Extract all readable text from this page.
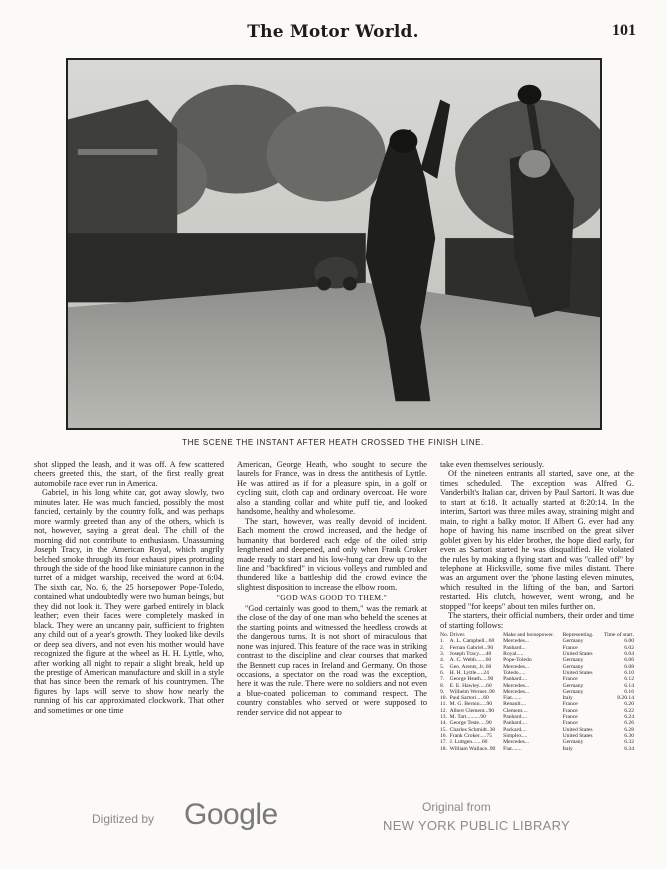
The Motor World.	101
THE SCENE THE INSTANT AFTER HEATH CROSSED THE FINISH LINE.

shot slipped the leash, and it was off. A few scattered cheers greeted this, the start, of the first really great automobile race ever run in America.

Gabriel, in his long white car, got away slowly, two minutes later. He was much fancied, possibly the most fancied, certainly by the country folk, and was perhaps more warmly greeted than any of the others, which is not, however, saying a great deal. The chill of the morning did not contribute to enthusiasm. Unassuming Joseph Tracy, in the American Royal, which angrily belched smoke through its four exhaust pipes protruding through the side of the hood like miniature cannon in the turret of a midget warship, received the word at 6:04. The sixth car, No. 6, the 25 horsepower Pope-Toledo, contained what undoubtedly were two human beings, but they did not look it. They were garbed entirely in black leather; even their faces were completely masked in black. They were an uncanny pair, sufficient to frighten any child out of a year's growth. They looked like devils or deep sea divers, and not even his mother would have recognized the figure at the wheel as H. H. Lyttle, who, after working all night to repair a slight break, held up the prestige of American manufacture and skill in a style that has since been the remark of his countrymen. The figures by laps will serve to show how nearly the running of his car approximated clockwork. That other and sometimes or one time

American, George Heath, who sought to secure the laurels for France, was in dress the antithesis of Lyttle. He was attired as if for a pleasure spin, in a golf or cycling suit, cloth cap and ordinary overcoat. He wore also a standing collar and white puff tie, and looked handsome, healthy and wholesome.

The start, however, was really devoid of incident. Each moment the crowd increased, and the hedge of humanity that bordered each edge of the oiled strip lengthened and deepened, and only when Frank Croker made ready to start and his low-hung car drew up to the line and "backfired" in vicious volleys and rumbled and thundered like a battleship did the crowd evince the slightest disposition to increase the elbow room.

"GOD WAS GOOD TO THEM."

"God certainly was good to them," was the remark at the close of the day of one man who beheld the scenes at the starting points and witnessed the heedless crowds at the dangerous turns. It is not short of miraculous that none was injured. This feature of the race was in striking contrast to the discipline and clear courses that marked the Bennett cup races in Ireland and Germany. On those occasions, a spectator on the road was the exception, here it was the rule. There were no soldiers and not even a blue-coated policeman to command respect. The country constables who served or were supposed to render service did not appear to

take even themselves seriously.

Of the nineteen entrants all started, save one, at the times scheduled. The exception was Alfred G. Vanderbilt's Italian car, driven by Paul Sartori. It was due to start at 6:18. It actually started at 8:20:14. In the interim, Sartori was three miles away, straining might and main, to right a balky motor. If Albert G. ever had any hope of having his name inscribed on the great silver goblet given by his elder brother, the hope died early, for even as Sartori started he was disqualified. He violated the rules by making a flying start and was "called off" by telephone at Hicksville, some five miles distant. There was an argument over the 'phone lasting eleven minutes, which resulted in the lifting of the ban, and Sartori restarted. His clutch, however, went wrong, and he stopped "for keeps" about ten miles further on.

The starters, their official numbers, their order and time of starting follows:

No.	Driver.	Make and horsepower.	Representing.	Time of start.
1.	A. L. Campbell...60	Mercedes...	Germany	6.00
2.	Fernan Gabriel...90	Panhard...	France	6.02
3.	Joseph Tracy.....40	Royal.....	United States	6.04
4.	A. C. Webb.......60	Pope-Toledo	Germany	6.06
5.	Geo. Arents, Jr..60	Mercedes...	Germany	6.08
6.	H. H. Lyttle.....24	Toledo.....	United States	6.10
7.	George Heath.....90	Panhard....	France	6.12
8.	E. E. Hawley.....60	Mercedes...	Germany	6.14
9.	Wilhelm Werner..90	Mercedes...	Germany	6.16
10.	Paul Sartori.....60	Fiat.......	Italy	8.20.14
11.	M. G. Bernin.....90	Renault....	France	6.20
12.	Albert Clement...90	Clement....	France	6.22
13.	M. Tart..........90	Panhard....	France	6.24
14.	George Teste.....90	Panhard....	France	6.26
15.	Charles Schmidt..30	Packard....	United States	6.28
16.	Frank Croker.....75	Simplex....	United States	6.30
17.	J. Luttgen.......60	Mercedes...	Germany	6.32
18.	William Wallace..90	Fiat.......	Italy	6.34
Digitized by Google	Original from
NEW YORK PUBLIC LIBRARY
